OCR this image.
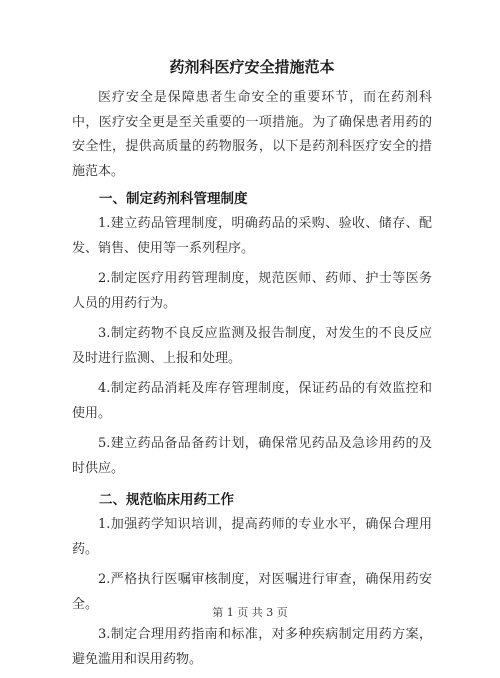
药剂科医疗安全措施范本

医疗安全是保障患者生命安全的重要环节，而在药剂科中，医疗安全更是至关重要的一项措施。为了确保患者用药的安全性，提供高质量的药物服务，以下是药剂科医疗安全的措施范本。

一、制定药剂科管理制度

1.建立药品管理制度，明确药品的采购、验收、储存、配发、销售、使用等一系列程序。

2.制定医疗用药管理制度，规范医师、药师、护士等医务人员的用药行为。

3.制定药物不良反应监测及报告制度，对发生的不良反应及时进行监测、上报和处理。

4.制定药品消耗及库存管理制度，保证药品的有效监控和使用。

5.建立药品备品备药计划，确保常见药品及急诊用药的及时供应。

二、规范临床用药工作

1.加强药学知识培训，提高药师的专业水平，确保合理用药。

2.严格执行医嘱审核制度，对医嘱进行审查，确保用药安全。

3.制定合理用药指南和标准，对多种疾病制定用药方案，避免滥用和误用药物。

第 1 页 共 3 页
